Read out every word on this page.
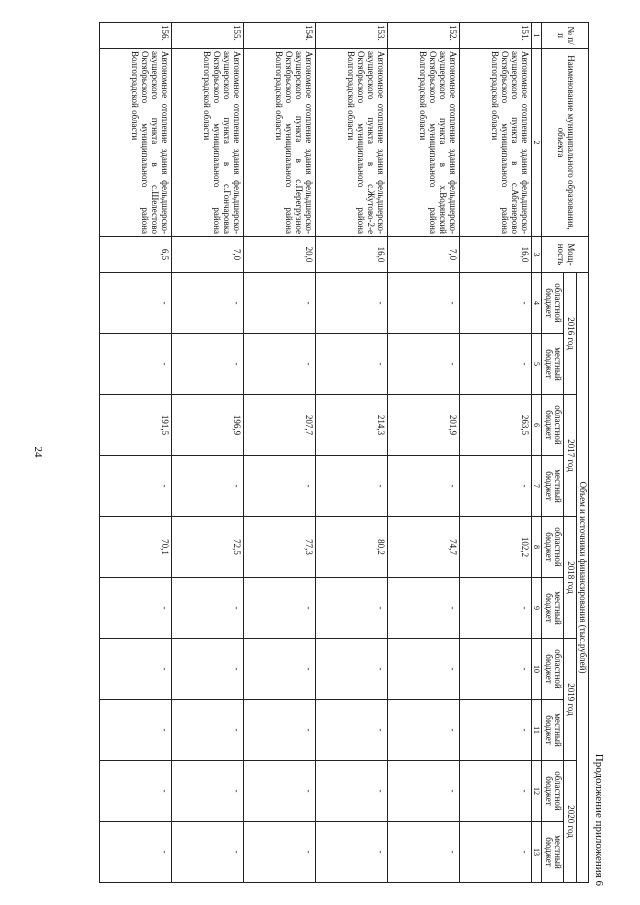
24
Продолжение приложения 6
№ п/п	Наименование муниципального образования, объекта	Мощ-ность	Объем и источники финансирования (тыс.рублей)									
			2016 год		2017 год		2018 год		2019 год		2020 год	
			областной бюджет	местный бюджет	областной бюджет	местный бюджет	областной бюджет	местный бюджет	областной бюджет	местный бюджет	областной бюджет	местный бюджет
1	2	3	4	5	6	7	8	9	10	11	12	13
151.	Автономное отопление здания фельдшерско-акушерского пункта в с.Абганерово Октябрьского муниципального района Волгоградской области	16,0	-	-	263,5	-	102,2	-	-	-	-	-
152.	Автономное отопление здания фельдшерско-акушерского пункта в х.Водянский Октябрьского муниципального района Волгоградской области	7,0	-	-	201,9	-	74,7	-	-	-	-	-
153.	Автономное отопление здания фельдшерско-акушерского пункта в с.Жутово-2-е Октябрьского муниципального района Волгоградской области	16,0	-	-	214,3	-	80,2	-	-	-	-	-
154.	Автономное отопление здания фельдшерско-акушерского пункта в с.Перегрузное Октябрьского муниципального района Волгоградской области	20,0	-	-	207,7	-	77,3	-	-	-	-	-
155.	Автономное отопление здания фельдшерско-акушерского пункта в с.Гончаровка Октябрьского муниципального района Волгоградской области	7,0	-	-	196,9	-	72,5	-	-	-	-	-
156.	Автономное отопление здания фельдшерско-акушерского пункта в с.Шелестово Октябрьского муниципального района Волгоградской области	6,5	-	-	191,5	-	70,1	-	-	-	-	-
